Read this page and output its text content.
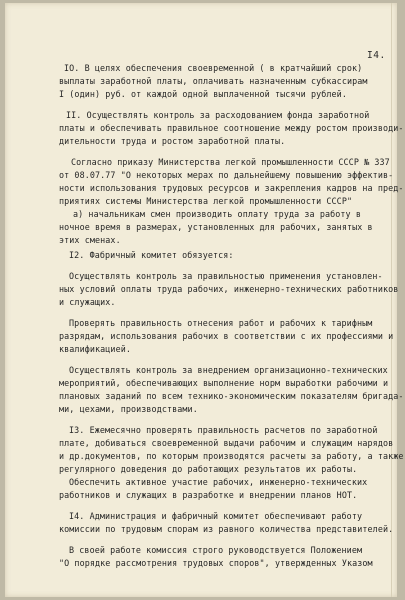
I4.
IO. В целях обеспечения своевременной ( в кратчайший срок)
выплаты заработной платы, оплачивать назначенным субкассирам
I (один) руб. от каждой одной выплаченной тысячи рублей.
II. Осуществлять контроль за расходованием фонда заработной
платы и обеспечивать правильное соотношение между ростом производи-
дительности труда и ростом заработной платы.
Согласно приказу Министерства легкой промышленности СССР № 337
от 08.07.77 "О некоторых мерах по дальнейшему повышению эффектив-
ности использования трудовых ресурсов и закрепления кадров на пред-
приятиях системы Министерства легкой промышленности СССР"
а) начальникам смен производить оплату труда за работу в
ночное время в размерах, установленных для рабочих, занятых в
этих сменах.
I2. Фабричный комитет обязуется:
Осуществлять контроль за правильностью применения установлен-
ных условий оплаты труда рабочих, инженерно-технических работников
и служащих.
Проверять правильность отнесения работ и рабочих к тарифным
разрядам, использования рабочих в соответствии с их профессиями и
квалификацией.
Осуществлять контроль за внедрением организационно-технических
мероприятий, обеспечивающих выполнение норм выработки рабочими и
плановых заданий по всем технико-экономическим показателям бригада-
ми, цехами, производствами.
I3. Ежемесячно проверять правильность расчетов по заработной
плате, добиваться своевременной выдачи рабочим и служащим нарядов
и др.документов, по которым производятся расчеты за работу, а также
регулярного доведения до работающих результатов их работы.
Обеспечить активное участие рабочих, инженерно-технических
работников и служащих в разработке и внедрении планов НОТ.
I4. Администрация и фабричный комитет обеспечивают работу
комиссии по трудовым спорам из равного количества представителей.
В своей работе комиссия строго руководствуется Положением
"О порядке рассмотрения трудовых споров", утвержденных Указом
